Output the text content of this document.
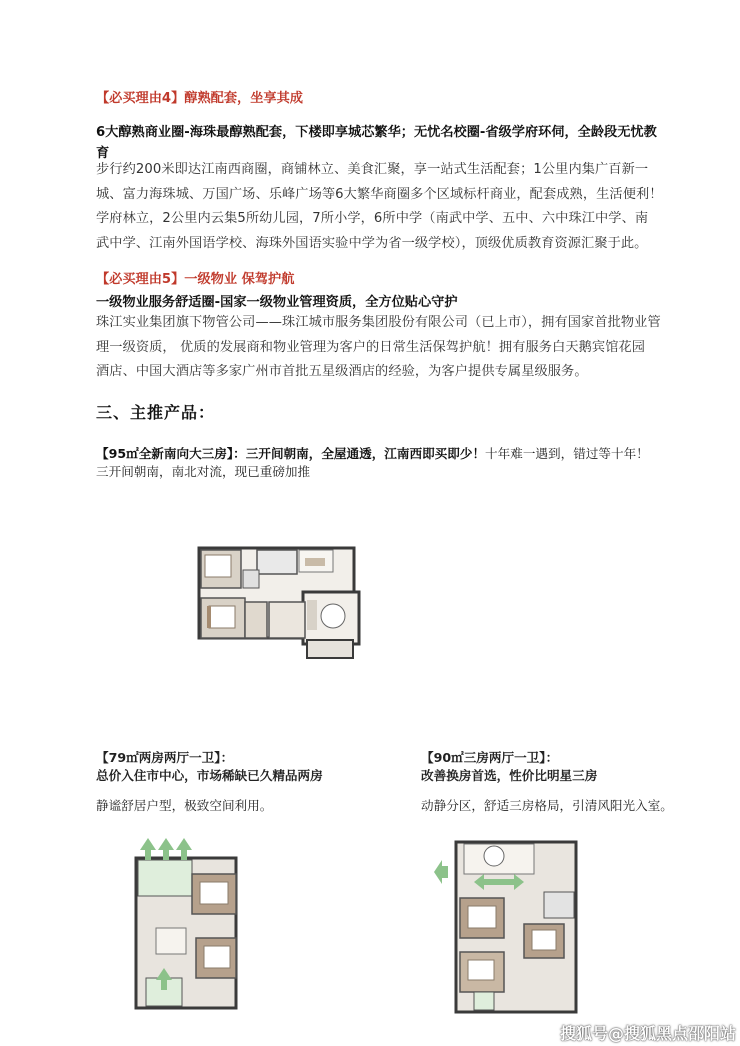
【必买理由4】醇熟配套，坐享其成
6大醇熟商业圈-海珠最醇熟配套，下楼即享城芯繁华；无忧名校圈-省级学府环伺，全龄段无忧教
育
步行约200米即达江南西商圈，商铺林立、美食汇聚，享一站式生活配套；1公里内集广百新一
城、富力海珠城、万国广场、乐峰广场等6大繁华商圈多个区域标杆商业，配套成熟，生活便利！
学府林立，2公里内云集5所幼儿园，7所小学，6所中学（南武中学、五中、六中珠江中学、南
武中学、江南外国语学校、海珠外国语实验中学为省一级学校），顶级优质教育资源汇聚于此。
【必买理由5】一级物业 保驾护航
一级物业服务舒适圈-国家一级物业管理资质，全方位贴心守护
珠江实业集团旗下物管公司——珠江城市服务集团股份有限公司（已上市），拥有国家首批物业管
理一级资质， 优质的发展商和物业管理为客户的日常生活保驾护航！拥有服务白天鹅宾馆花园
酒店、中国大酒店等多家广州市首批五星级酒店的经验，为客户提供专属星级服务。
三、主推产品：
【95㎡全新南向大三房】：三开间朝南，全屋通透，江南西即买即少！十年难一遇到，错过等十年！
三开间朝南，南北对流，现已重磅加推
【79㎡两房两厅一卫】：
总价入住市中心，市场稀缺已久精品两房
静谧舒居户型，极致空间利用。
【90㎡三房两厅一卫】：
改善换房首选，性价比明星三房
动静分区，舒适三房格局，引清风阳光入室。
搜狐号@搜狐黑点邵阳站
